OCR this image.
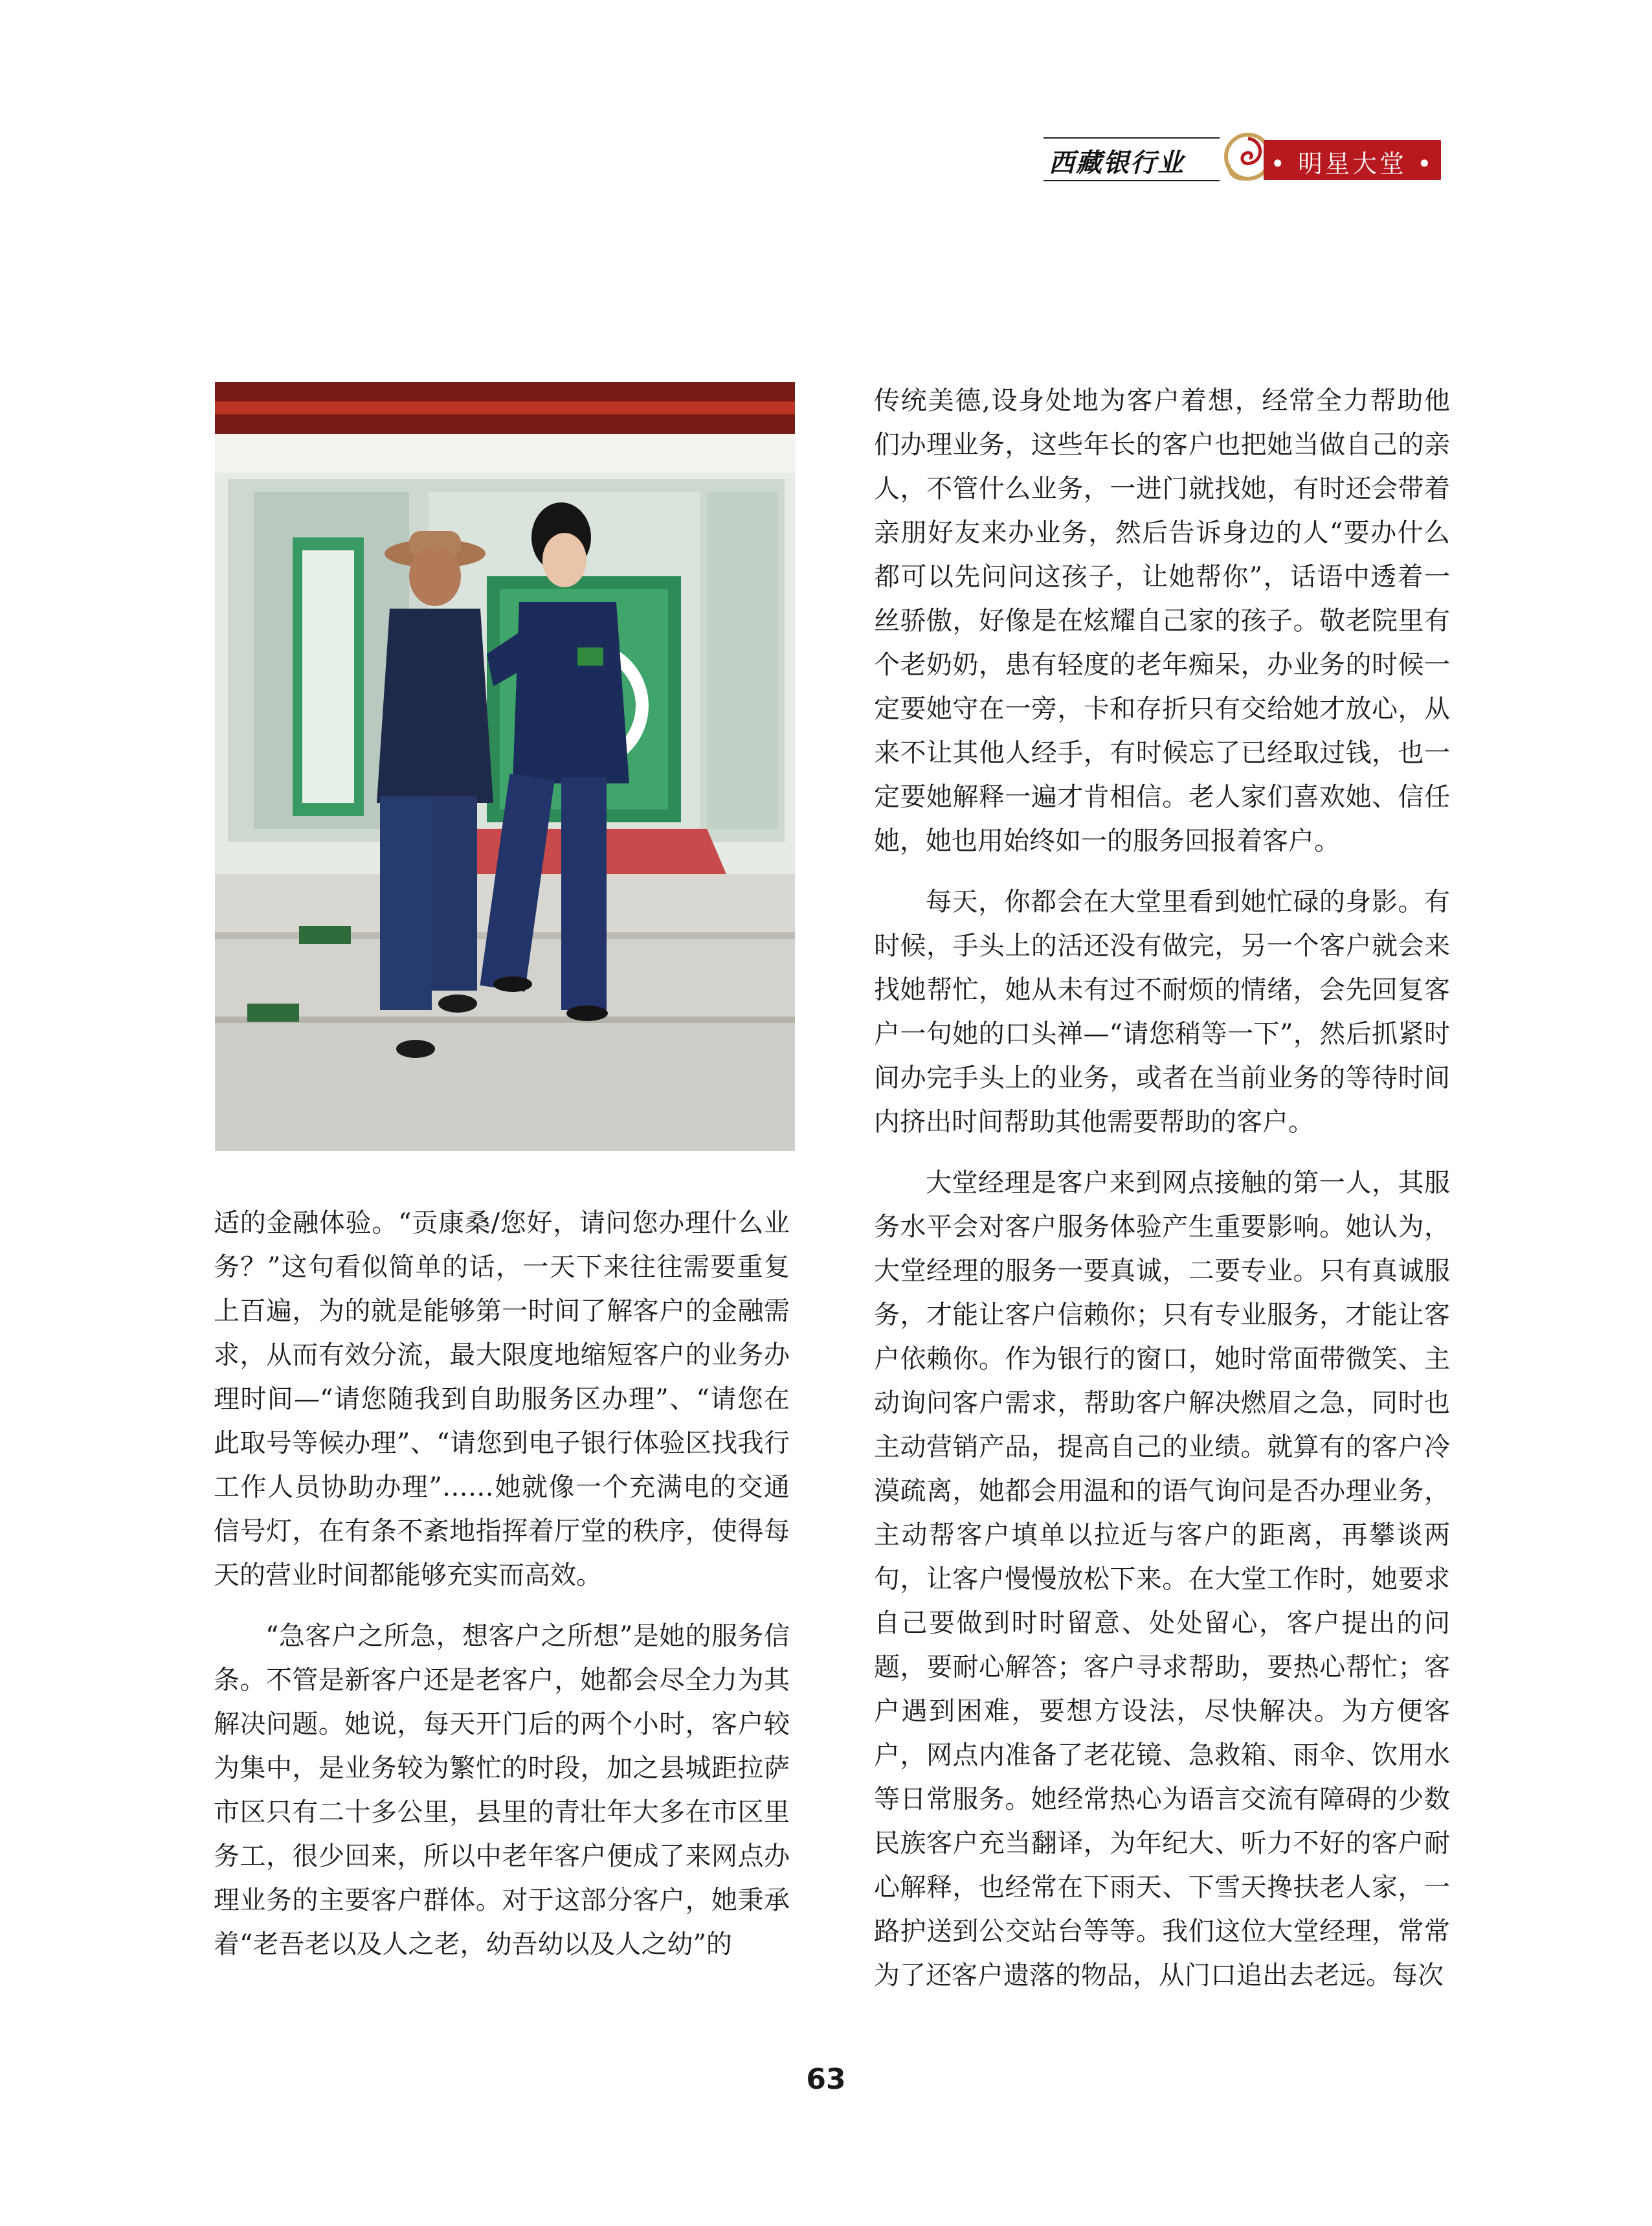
西藏银行业	• 明星大堂 •

适的金融体验。“贡康桑/您好，请问您办理什么业务？”这句看似简单的话，一天下来往往需要重复上百遍，为的就是能够第一时间了解客户的金融需求，从而有效分流，最大限度地缩短客户的业务办理时间—“请您随我到自助服务区办理”、“请您在此取号等候办理”、“请您到电子银行体验区找我行工作人员协助办理”……她就像一个充满电的交通信号灯，在有条不紊地指挥着厅堂的秩序，使得每天的营业时间都能够充实而高效。

“急客户之所急，想客户之所想”是她的服务信条。不管是新客户还是老客户，她都会尽全力为其解决问题。她说，每天开门后的两个小时，客户较为集中，是业务较为繁忙的时段，加之县城距拉萨市区只有二十多公里，县里的青壮年大多在市区里务工，很少回来，所以中老年客户便成了来网点办理业务的主要客户群体。对于这部分客户，她秉承着“老吾老以及人之老，幼吾幼以及人之幼”的

传统美德,设身处地为客户着想，经常全力帮助他们办理业务，这些年长的客户也把她当做自己的亲人，不管什么业务，一进门就找她，有时还会带着亲朋好友来办业务，然后告诉身边的人“要办什么都可以先问问这孩子，让她帮你”，话语中透着一丝骄傲，好像是在炫耀自己家的孩子。敬老院里有个老奶奶，患有轻度的老年痴呆，办业务的时候一定要她守在一旁，卡和存折只有交给她才放心，从来不让其他人经手，有时候忘了已经取过钱，也一定要她解释一遍才肯相信。老人家们喜欢她、信任她，她也用始终如一的服务回报着客户。

每天，你都会在大堂里看到她忙碌的身影。有时候，手头上的活还没有做完，另一个客户就会来找她帮忙，她从未有过不耐烦的情绪，会先回复客户一句她的口头禅—“请您稍等一下”，然后抓紧时间办完手头上的业务，或者在当前业务的等待时间内挤出时间帮助其他需要帮助的客户。

大堂经理是客户来到网点接触的第一人，其服务水平会对客户服务体验产生重要影响。她认为，大堂经理的服务一要真诚，二要专业。只有真诚服务，才能让客户信赖你；只有专业服务，才能让客户依赖你。作为银行的窗口，她时常面带微笑、主动询问客户需求，帮助客户解决燃眉之急，同时也主动营销产品，提高自己的业绩。就算有的客户冷漠疏离，她都会用温和的语气询问是否办理业务，主动帮客户填单以拉近与客户的距离，再攀谈两句，让客户慢慢放松下来。在大堂工作时，她要求自己要做到时时留意、处处留心，客户提出的问题，要耐心解答；客户寻求帮助，要热心帮忙；客户遇到困难，要想方设法，尽快解决。为方便客户，网点内准备了老花镜、急救箱、雨伞、饮用水等日常服务。她经常热心为语言交流有障碍的少数民族客户充当翻译，为年纪大、听力不好的客户耐心解释，也经常在下雨天、下雪天搀扶老人家，一路护送到公交站台等等。我们这位大堂经理，常常为了还客户遗落的物品，从门口追出去老远。每次

63
